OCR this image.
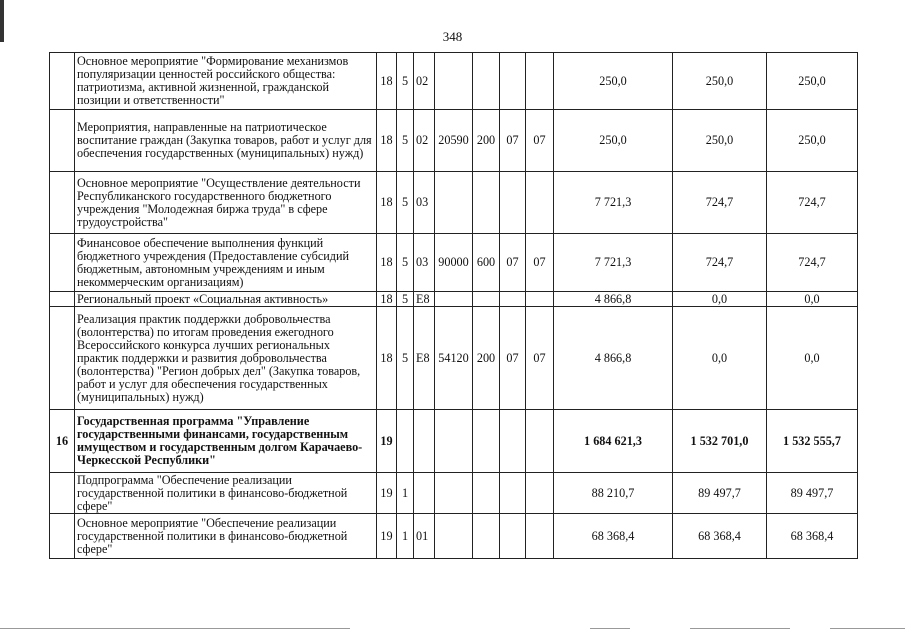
348
	Основное мероприятие "Формирование механизмов популяризации ценностей российского общества: патриотизма, активной жизненной, гражданской позиции и ответственности"	18	5	02					250,0	250,0	250,0
	Мероприятия, направленные на патриотическое воспитание граждан (Закупка товаров, работ и услуг для обеспечения государственных (муниципальных) нужд)	18	5	02	20590	200	07	07	250,0	250,0	250,0
	Основное мероприятие "Осуществление деятельности Республиканского государственного бюджетного учреждения "Молодежная биржа труда" в сфере трудоустройства"	18	5	03					7 721,3	724,7	724,7
	Финансовое обеспечение выполнения функций бюджетного учреждения (Предоставление субсидий бюджетным, автономным учреждениям и иным некоммерческим организациям)	18	5	03	90000	600	07	07	7 721,3	724,7	724,7
	Региональный проект «Социальная активность»	18	5	E8					4 866,8	0,0	0,0
	Реализация практик поддержки добровольчества (волонтерства) по итогам проведения ежегодного Всероссийского конкурса лучших региональных практик поддержки и развития добровольчества (волонтерства) "Регион добрых дел" (Закупка товаров, работ и услуг для обеспечения государственных (муниципальных) нужд)	18	5	E8	54120	200	07	07	4 866,8	0,0	0,0
16	Государственная программа "Управление государственными финансами, государственным имуществом и государственным долгом Карачаево-Черкесской Республики"	19							1 684 621,3	1 532 701,0	1 532 555,7
	Подпрограмма "Обеспечение реализации государственной политики в финансово-бюджетной сфере"	19	1						88 210,7	89 497,7	89 497,7
	Основное мероприятие "Обеспечение реализации государственной политики в финансово-бюджетной сфере"	19	1	01					68 368,4	68 368,4	68 368,4
